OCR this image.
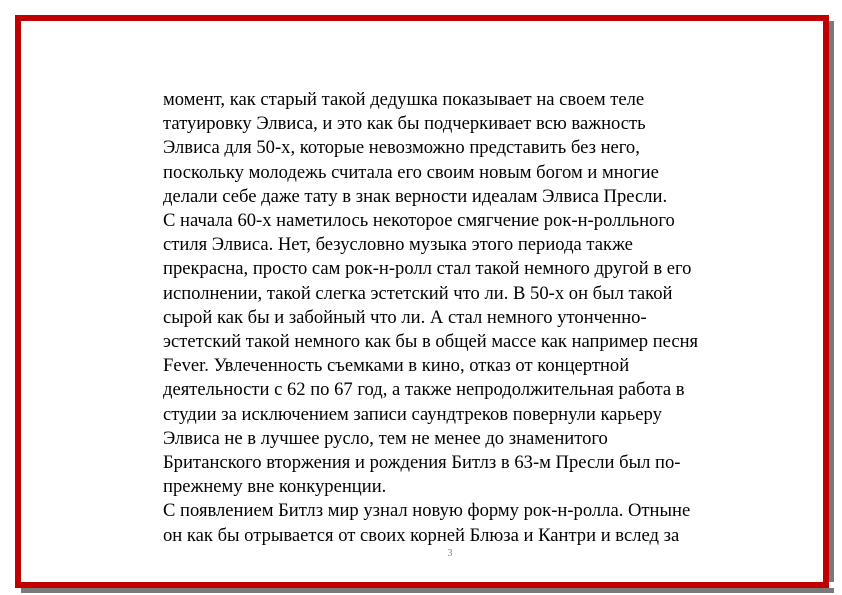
момент, как старый такой дедушка показывает на своем теле
татуировку Элвиса, и это как бы подчеркивает всю важность
Элвиса для 50-х, которые невозможно представить без него,
поскольку молодежь считала его своим новым богом и многие
делали себе даже тату в знак верности идеалам Элвиса Пресли.
С начала 60-х наметилось некоторое смягчение рок-н-ролльного
стиля Элвиса. Нет, безусловно музыка этого периода также
прекрасна, просто сам рок-н-ролл стал такой немного другой в его
исполнении, такой слегка эстетский что ли. В 50-х он был такой
сырой как бы и забойный что ли. А стал немного утонченно-
эстетский такой немного как бы в общей массе как например песня
Fever. Увлеченность съемками в кино, отказ от концертной
деятельности с 62 по 67 год, а также непродолжительная работа в
студии за исключением записи саундтреков повернули карьеру
Элвиса не в лучшее русло, тем не менее до знаменитого
Британского вторжения и рождения Битлз в 63-м Пресли был по-
прежнему вне конкуренции.
С появлением Битлз мир узнал новую форму рок-н-ролла. Отныне
он как бы отрывается от своих корней Блюза и Кантри и вслед за
3
